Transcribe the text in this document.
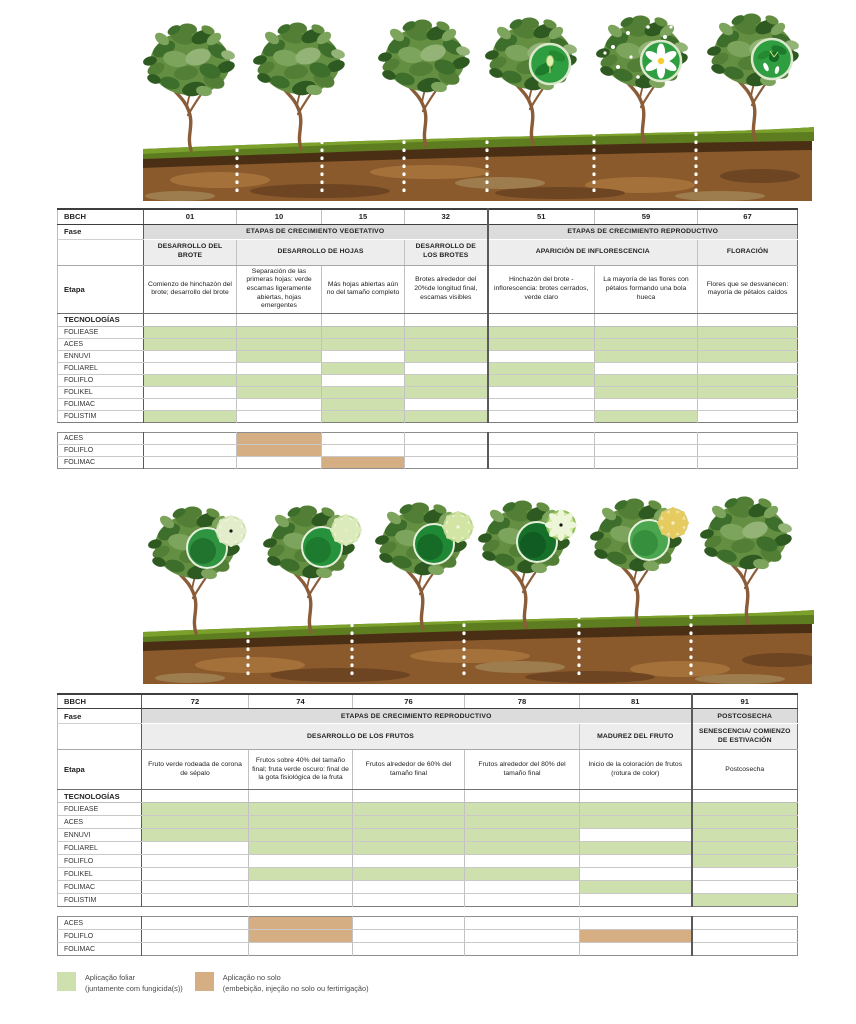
BBCH	01	10	15	32	51	59	67
Fase	ETAPAS DE CRECIMIENTO VEGETATIVO				ETAPAS DE CRECIMIENTO REPRODUCTIVO		
	DESARROLLO DEL BROTE	DESARROLLO DE HOJAS		DESARROLLO DE LOS BROTES	APARICIÓN DE INFLORESCENCIA		FLORACIÓN
Etapa	Comienzo de hinchazón del brote; desarrollo del brote	Separación de las primeras hojas: verde escamas ligeramente abiertas, hojas emergentes	Más hojas abiertas aún no del tamaño completo	Brotes alrededor del 20%de longitud final, escamas visibles	Hinchazón del brote -inflorescencia: brotes cerrados, verde claro	La mayoría de las flores con pétalos formando una bola hueca	Flores que se desvanecen: mayoría de pétalos caídos
TECNOLOGÍAS							
FOLIEASE							
ACES							
ENNUVI							
FOLIAREL							
FOLIFLO							
FOLIKEL							
FOLIMAC							
FOLISTIM							
ACES							
FOLIFLO							
FOLIMAC							
BBCH	72	74	76	78	81	91
Fase	ETAPAS DE CRECIMIENTO REPRODUCTIVO					POSTCOSECHA
	DESARROLLO DE LOS FRUTOS				MADUREZ DEL FRUTO	SENESCENCIA/ COMIENZO DE ESTIVACIÓN
Etapa	Fruto verde rodeada de corona de sépalo	Frutos sobre 40% del tamaño final; fruta verde oscuro: final de la gota fisiológica de la fruta	Frutos alrededor de 60% del tamaño final	Frutos alrededor del 80% del tamaño final	Inicio de la coloración de frutos (rotura de color)	Postcosecha
TECNOLOGÍAS						
FOLIEASE						
ACES						
ENNUVI						
FOLIAREL						
FOLIFLO						
FOLIKEL						
FOLIMAC						
FOLISTIM						
ACES						
FOLIFLO						
FOLIMAC						
Aplicação foliar
(juntamente com fungicida(s))
Aplicação no solo
(embebição, injeção no solo ou fertirrigação)
